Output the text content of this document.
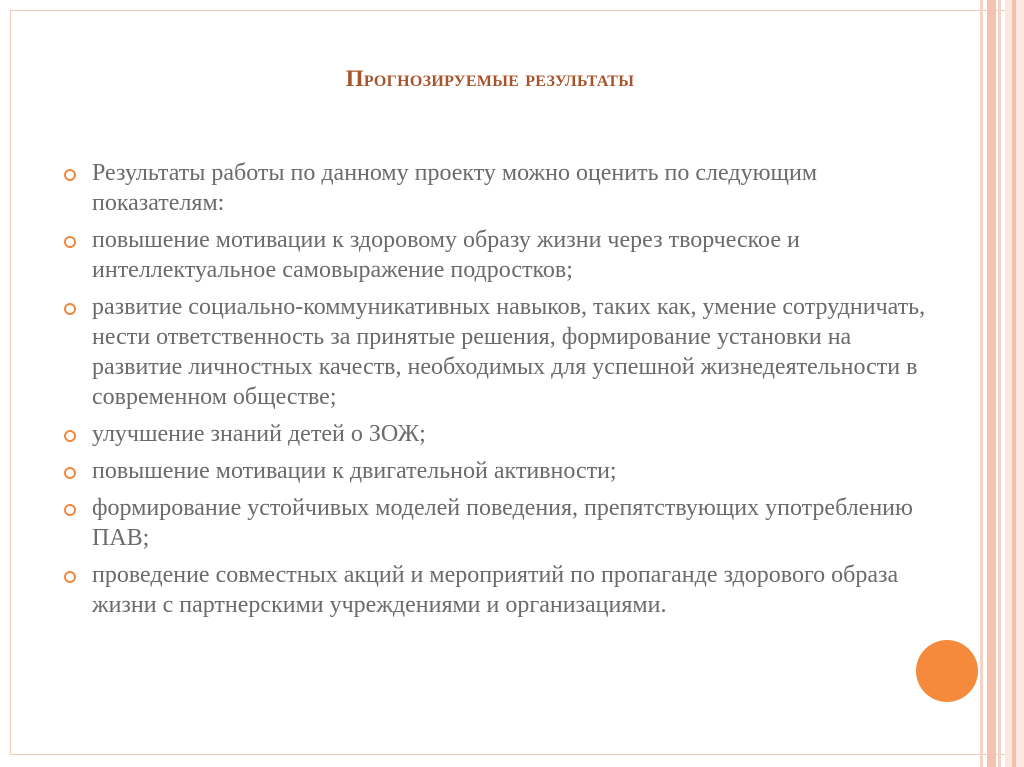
Прогнозируемые результаты
Результаты работы по данному проекту можно оценить по следующим показателям:
повышение мотивации к здоровому образу жизни через творческое и интеллектуальное самовыражение подростков;
развитие социально-коммуникативных навыков, таких как, умение сотрудничать, нести ответственность за принятые решения, формирование установки на развитие личностных качеств, необходимых для успешной жизнедеятельности в современном обществе;
улучшение знаний детей о ЗОЖ;
повышение мотивации к двигательной активности;
формирование устойчивых моделей поведения, препятствующих употреблению ПАВ;
проведение совместных акций и мероприятий по пропаганде здорового образа жизни с партнерскими учреждениями и организациями.
